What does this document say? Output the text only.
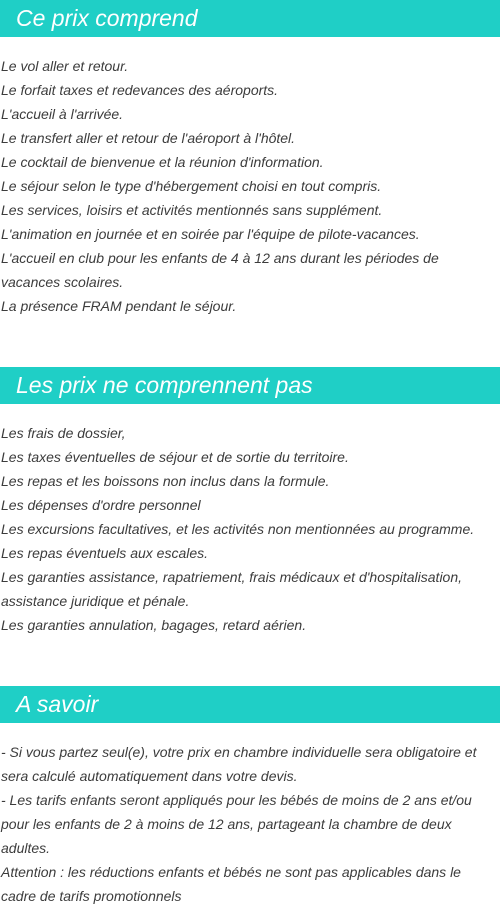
Ce prix comprend
Le vol aller et retour.
Le forfait taxes et redevances des aéroports.
L'accueil à l'arrivée.
Le transfert aller et retour de l'aéroport à l'hôtel.
Le cocktail de bienvenue et la réunion d'information.
Le séjour selon le type d'hébergement choisi en tout compris.
Les services, loisirs et activités mentionnés sans supplément.
L'animation en journée et en soirée par l'équipe de pilote-vacances.
L'accueil en club pour les enfants de 4 à 12 ans durant les périodes de vacances scolaires.
La présence FRAM pendant le séjour.
Les prix ne comprennent pas
Les frais de dossier,
Les taxes éventuelles de séjour et de sortie du territoire.
Les repas et les boissons non inclus dans la formule.
Les dépenses d'ordre personnel
Les excursions facultatives, et les activités non mentionnées au programme.
Les repas éventuels aux escales.
Les garanties assistance, rapatriement, frais médicaux et d'hospitalisation, assistance juridique et pénale.
Les garanties annulation, bagages, retard aérien.
A savoir
- Si vous partez seul(e), votre prix en chambre individuelle sera obligatoire et sera calculé automatiquement dans votre devis.
- Les tarifs enfants seront appliqués pour les bébés de moins de 2 ans et/ou pour les enfants de 2 à moins de 12 ans, partageant la chambre de deux adultes.
Attention : les réductions enfants et bébés ne sont pas applicables dans le cadre de tarifs promotionnels
